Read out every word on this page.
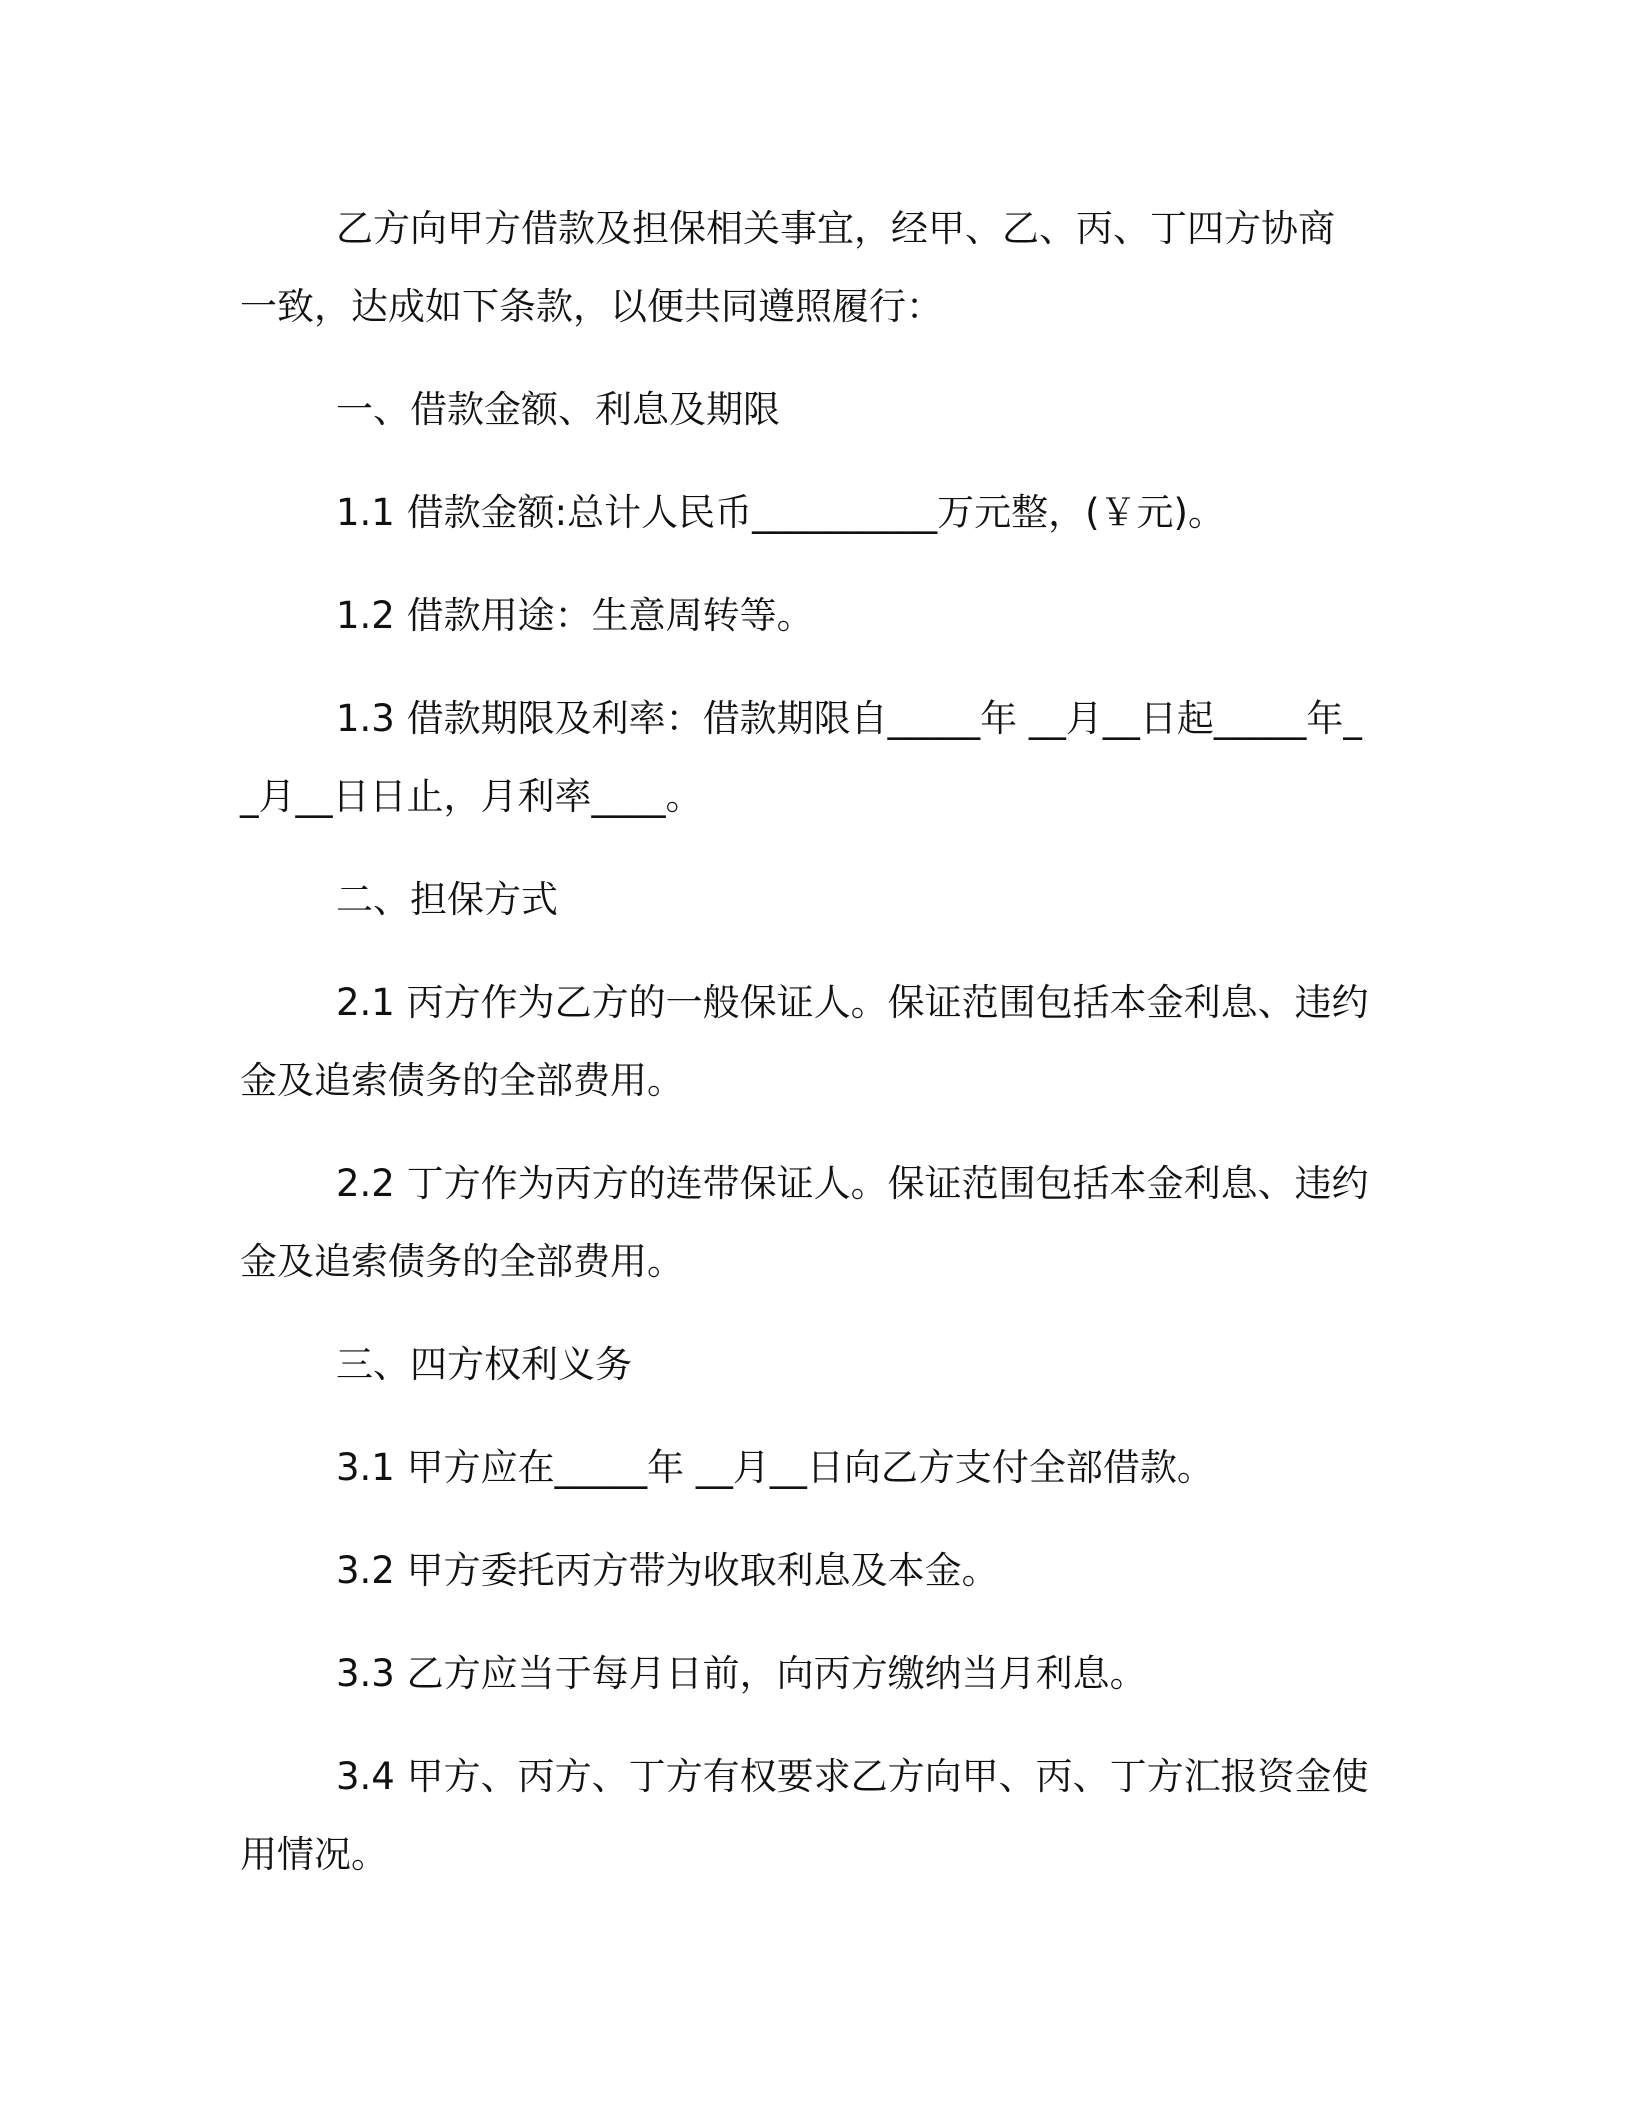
乙方向甲方借款及担保相关事宜，经甲、乙、丙、丁四方协商一致，达成如下条款，以便共同遵照履行：

一、借款金额、利息及期限

1.1 借款金额:总计人民币__________万元整，(￥元)。

1.2 借款用途：生意周转等。

1.3 借款期限及利率：借款期限自_____年 __月__日起_____年__月__日日止，月利率____。

二、担保方式

2.1 丙方作为乙方的一般保证人。保证范围包括本金利息、违约金及追索债务的全部费用。

2.2 丁方作为丙方的连带保证人。保证范围包括本金利息、违约金及追索债务的全部费用。

三、四方权利义务

3.1 甲方应在_____年 __月__日向乙方支付全部借款。

3.2 甲方委托丙方带为收取利息及本金。

3.3 乙方应当于每月日前，向丙方缴纳当月利息。

3.4 甲方、丙方、丁方有权要求乙方向甲、丙、丁方汇报资金使用情况。
